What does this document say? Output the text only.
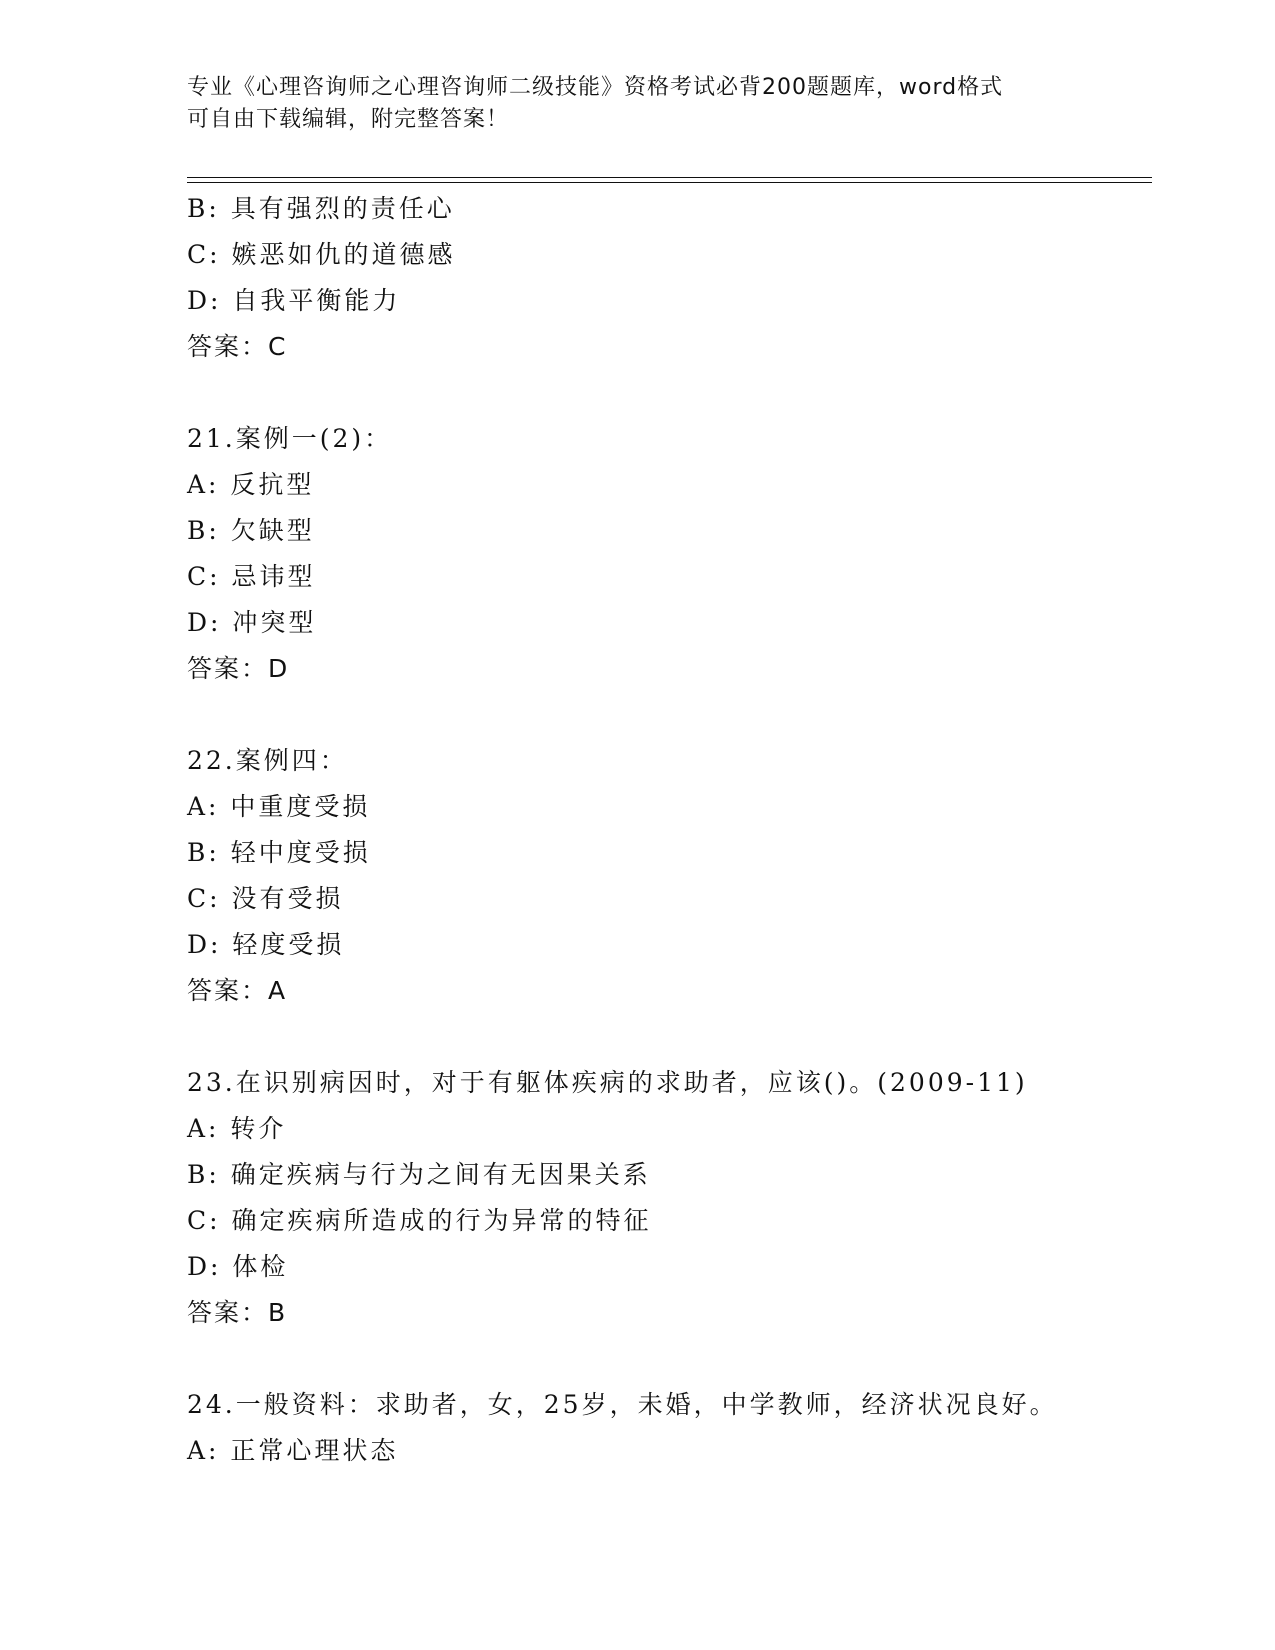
专业《心理咨询师之心理咨询师二级技能》资格考试必背200题题库，word格式
可自由下载编辑，附完整答案！
B: 具有强烈的责任心
C: 嫉恶如仇的道德感
D: 自我平衡能力
答案：C
21.案例一(2)：
A: 反抗型
B: 欠缺型
C: 忌讳型
D: 冲突型
答案：D
22.案例四：
A: 中重度受损
B: 轻中度受损
C: 没有受损
D: 轻度受损
答案：A
23.在识别病因时，对于有躯体疾病的求助者，应该()。(2009-11)
A: 转介
B: 确定疾病与行为之间有无因果关系
C: 确定疾病所造成的行为异常的特征
D: 体检
答案：B
24.一般资料：求助者，女，25岁，未婚，中学教师，经济状况良好。
A: 正常心理状态
